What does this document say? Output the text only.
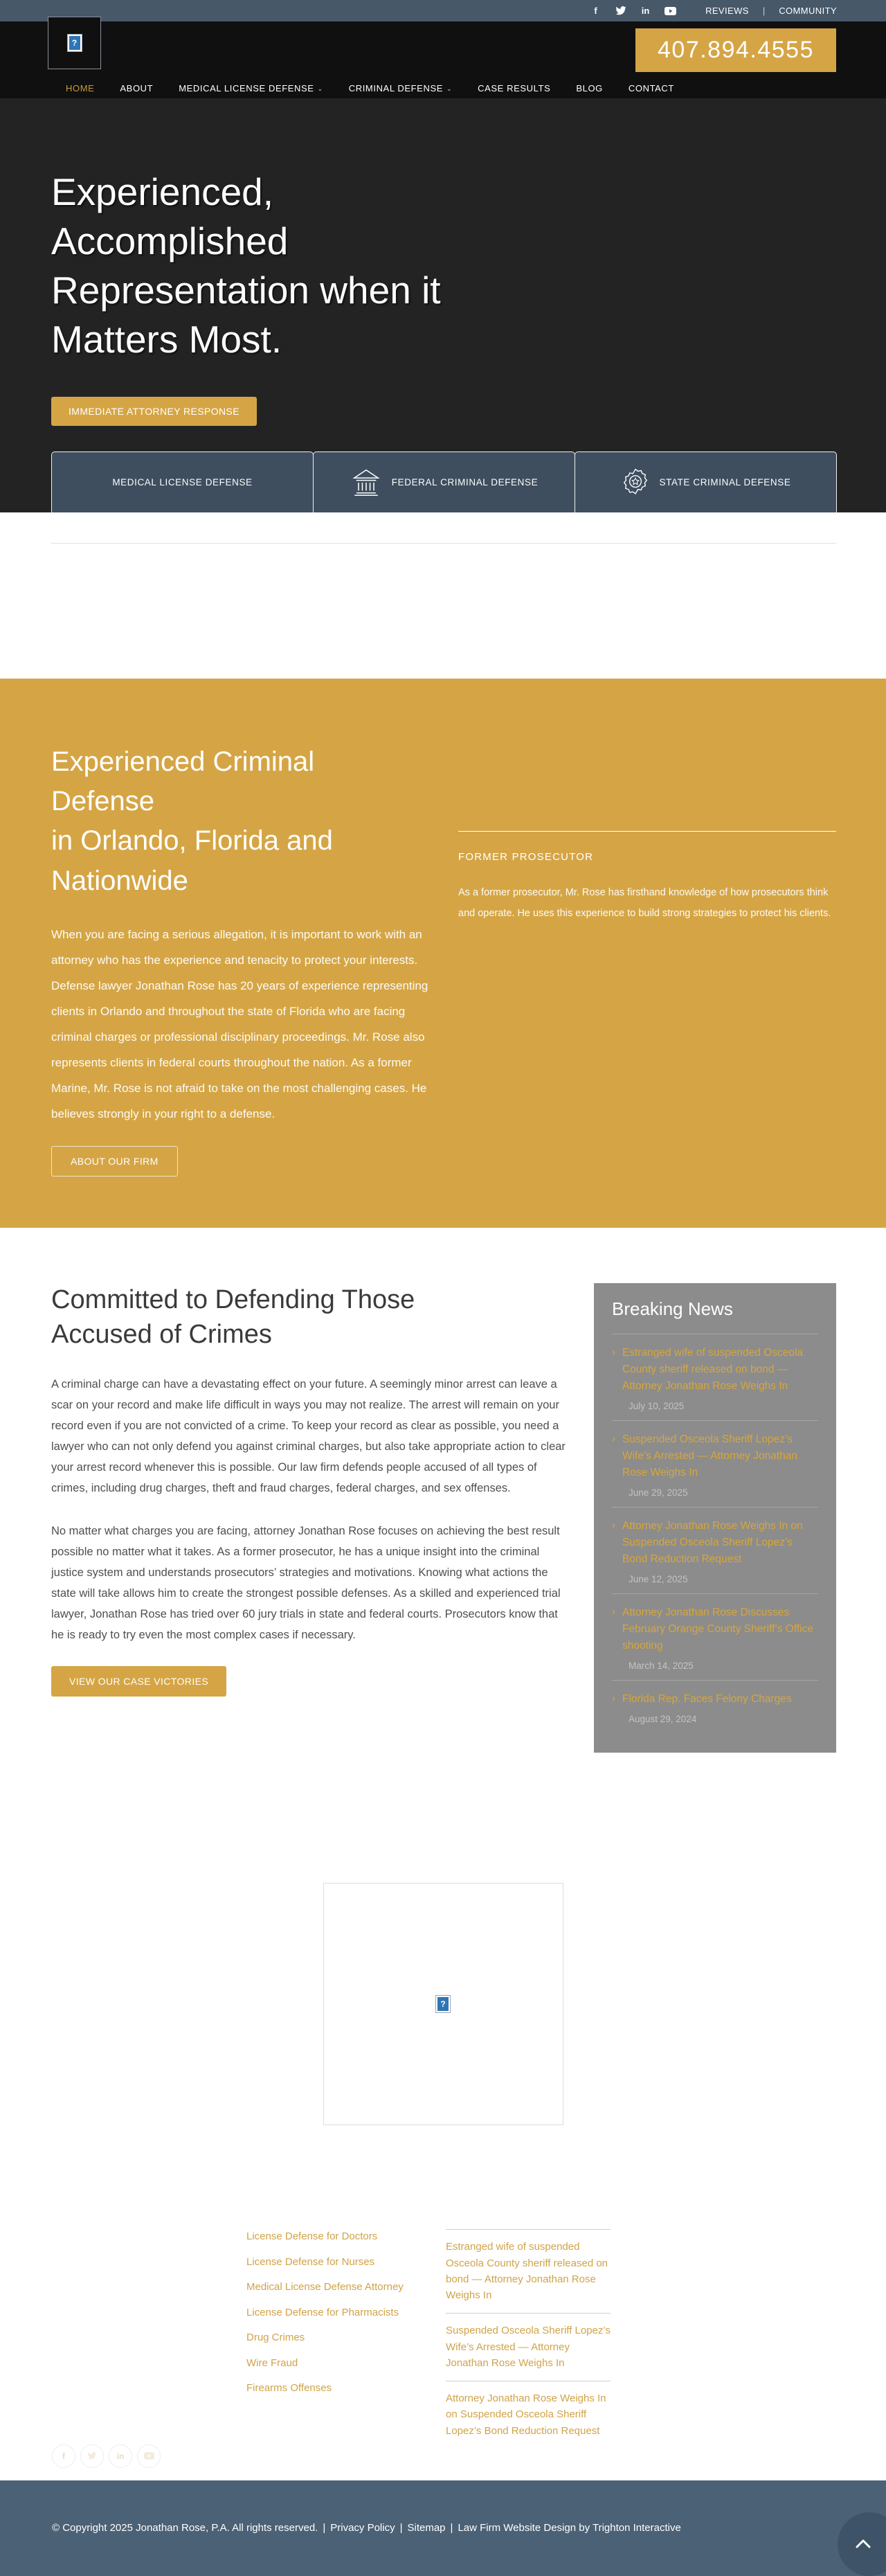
f	in	REVIEWS | COMMUNITY
?	407.894.4555
HOME	ABOUT	MEDICAL LICENSE DEFENSE ⌄	CRIMINAL DEFENSE ⌄	CASE RESULTS	BLOG	CONTACT
Experienced,
Accomplished
Representation when it
Matters Most.
IMMEDIATE ATTORNEY RESPONSE
MEDICAL LICENSE DEFENSE	FEDERAL CRIMINAL DEFENSE	STATE CRIMINAL DEFENSE
Experienced Criminal Defense
in Orlando, Florida and Nationwide

When you are facing a serious allegation, it is important to work with an attorney who has the experience and tenacity to protect your interests. Defense lawyer Jonathan Rose has 20 years of experience representing clients in Orlando and throughout the state of Florida who are facing criminal charges or professional disciplinary proceedings. Mr. Rose also represents clients in federal courts throughout the nation. As a former Marine, Mr. Rose is not afraid to take on the most challenging cases. He believes strongly in your right to a defense.

ABOUT OUR FIRM
FORMER PROSECUTOR

As a former prosecutor, Mr. Rose has firsthand knowledge of how prosecutors think and operate. He uses this experience to build strong strategies to protect his clients.

Committed to Defending Those Accused of Crimes

A criminal charge can have a devastating effect on your future. A seemingly minor arrest can leave a scar on your record and make life difficult in ways you may not realize. The arrest will remain on your record even if you are not convicted of a crime. To keep your record as clear as possible, you need a lawyer who can not only defend you against criminal charges, but also take appropriate action to clear your arrest record whenever this is possible. Our law firm defends people accused of all types of crimes, including drug charges, theft and fraud charges, federal charges, and sex offenses.

No matter what charges you are facing, attorney Jonathan Rose focuses on achieving the best result possible no matter what it takes. As a former prosecutor, he has a unique insight into the criminal justice system and understands prosecutors’ strategies and motivations. Knowing what actions the state will take allows him to create the strongest possible defenses. As a skilled and experienced trial lawyer, Jonathan Rose has tried over 60 jury trials in state and federal courts. Prosecutors know that he is ready to try even the most complex cases if necessary.

VIEW OUR CASE VICTORIES
Breaking News
› Estranged wife of suspended Osceola County sheriff released on bond — Attorney Jonathan Rose Weighs In
July 10, 2025
› Suspended Osceola Sheriff Lopez’s Wife’s Arrested — Attorney Jonathan Rose Weighs In
June 29, 2025
› Attorney Jonathan Rose Weighs In on Suspended Osceola Sheriff Lopez’s Bond Reduction Request
June 12, 2025
› Attorney Jonathan Rose Discusses February Orange County Sheriff’s Office shooting
March 14, 2025
› Florida Rep. Faces Felony Charges
August 29, 2024
?
License Defense for Doctors
License Defense for Nurses
Medical License Defense Attorney
License Defense for Pharmacists
Drug Crimes
Wire Fraud
Firearms Offenses
Estranged wife of suspended Osceola County sheriff released on bond — Attorney Jonathan Rose Weighs In
Suspended Osceola Sheriff Lopez’s Wife’s Arrested — Attorney Jonathan Rose Weighs In
Attorney Jonathan Rose Weighs In on Suspended Osceola Sheriff Lopez’s Bond Reduction Request
f	in
© Copyright 2025 Jonathan Rose, P.A. All rights reserved. | Privacy Policy | Sitemap | Law Firm Website Design
by Trighton Interactive
